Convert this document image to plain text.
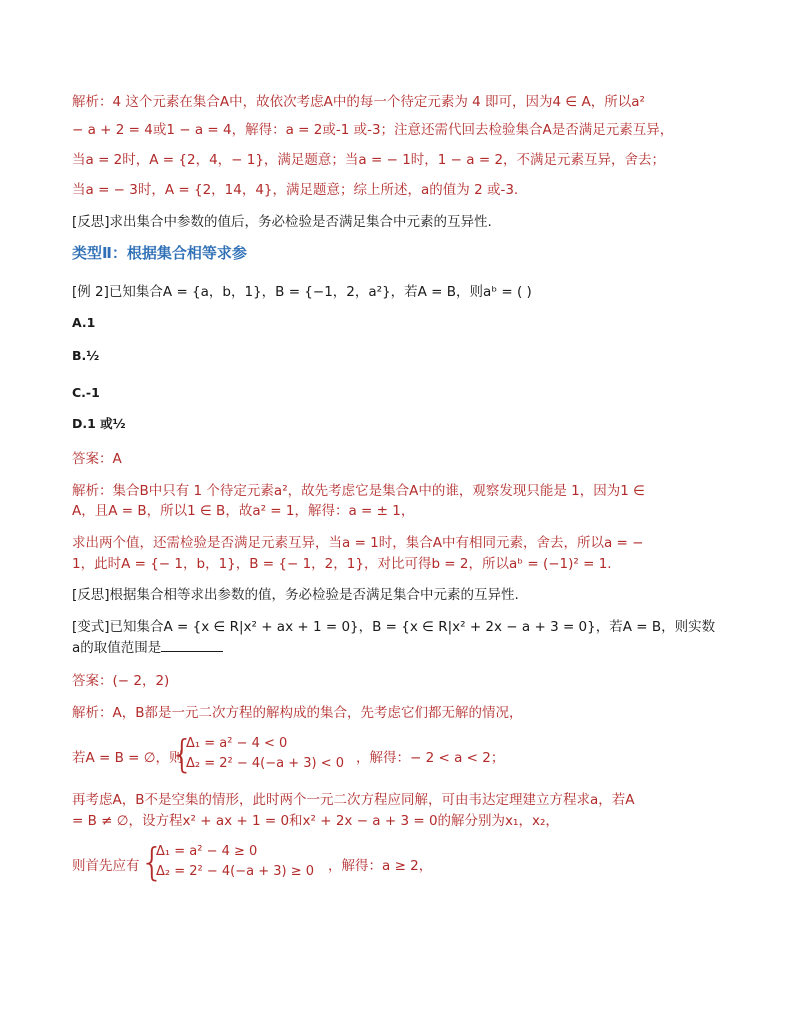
解析：4 这个元素在集合A中，故依次考虑A中的每一个待定元素为 4 即可，因为4 ∈ A，所以a²
− a + 2 = 4或1 − a = 4，解得：a = 2或-1 或-3；注意还需代回去检验集合A是否满足元素互异，
当a = 2时，A = {2，4，− 1}，满足题意；当a = − 1时，1 − a = 2，不满足元素互异，舍去；
当a = − 3时，A = {2，14，4}，满足题意；综上所述，a的值为 2 或-3.
[反思]求出集合中参数的值后，务必检验是否满足集合中元素的互异性.
类型Ⅱ：根据集合相等求参
[例 2]已知集合A = {a，b，1}，B = {−1，2，a²}，若A = B，则aᵇ = ( )
A.1
B.½
C.-1
D.1 或½
答案：A
解析：集合B中只有 1 个待定元素a²，故先考虑它是集合A中的谁，观察发现只能是 1，因为1 ∈
A，且A = B，所以1 ∈ B，故a² = 1，解得：a = ± 1，
求出两个值，还需检验是否满足元素互异，当a = 1时，集合A中有相同元素，舍去，所以a = −
1，此时A = {− 1，b，1}，B = {− 1，2，1}，对比可得b = 2，所以aᵇ = (−1)² = 1.
[反思]根据集合相等求出参数的值，务必检验是否满足集合中元素的互异性.
[变式]已知集合A = {x ∈ R|x² + ax + 1 = 0}，B = {x ∈ R|x² + 2x − a + 3 = 0}，若A = B，则实数
a的取值范围是
答案：(− 2，2)
解析：A，B都是一元二次方程的解构成的集合，先考虑它们都无解的情况，
若A = B = ∅，则
{
Δ₁ = a² − 4 < 0
Δ₂ = 2² − 4(−a + 3) < 0 ，解得：− 2 < a < 2；
再考虑A，B不是空集的情形，此时两个一元二次方程应同解，可由韦达定理建立方程求a，若A
= B ≠ ∅，设方程x² + ax + 1 = 0和x² + 2x − a + 3 = 0的解分别为x₁，x₂，
则首先应有 {
Δ₁ = a² − 4 ≥ 0
Δ₂ = 2² − 4(−a + 3) ≥ 0 ，解得：a ≥ 2，
